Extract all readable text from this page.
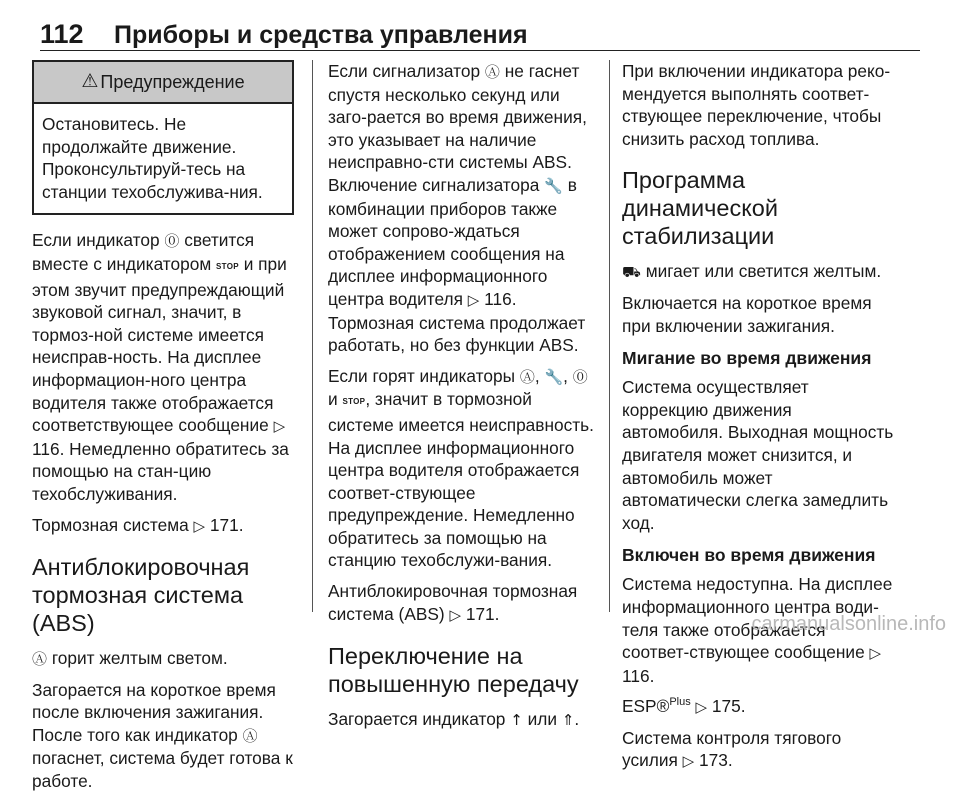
112	Приборы и средства управления
⚠ Предупреждение
Остановитесь. Не продолжайте движение. Проконсультируй-тесь на станции техобслужива-ния.

Если индикатор ⓪ светится вместе с индикатором STOP и при этом звучит предупреждающий звуковой сигнал, значит, в тормоз-ной системе имеется неисправ-ность. На дисплее информацион-ного центра водителя также отображается соответствующее сообщение ▷ 116. Немедленно обратитесь за помощью на стан-цию техобслуживания.

Тормозная система ▷ 171.

Антиблокировочная тормозная система (ABS)

Ⓐ горит желтым светом.

Загорается на короткое время после включения зажигания. После того как индикатор Ⓐ погаснет, система будет готова к работе.

Если сигнализатор Ⓐ не гаснет спустя несколько секунд или заго-рается во время движения, это указывает на наличие неисправно-сти системы ABS. Включение сигнализатора 🔧 в комбинации приборов также может сопрово-ждаться отображением сообщения на дисплее информационного центра водителя ▷ 116. Тормозная система продолжает работать, но без функции ABS.

Если горят индикаторы Ⓐ, 🔧, ⓪ и STOP, значит в тормозной системе имеется неисправность. На дисплее информационного центра водителя отображается соответ-ствующее предупреждение. Немедленно обратитесь за помощью на станцию техобслужи-вания.

Антиблокировочная тормозная система (ABS) ▷ 171.

Переключение на повышенную передачу

Загорается индикатор ↑ или ⇑.

При включении индикатора реко-мендуется выполнять соответ-ствующее переключение, чтобы снизить расход топлива.

Программа динамической стабилизации

⛟ мигает или светится желтым.

Включается на короткое время при включении зажигания.

Мигание во время движения

Система осуществляет коррекцию движения автомобиля. Выходная мощность двигателя может снизится, и автомобиль может автоматически слегка замедлить ход.

Включен во время движения

Система недоступна. На дисплее информационного центра води-теля также отображается соответ-ствующее сообщение ▷ 116.

ESP®$^{Plus}$ ▷ 175.

Система контроля тягового усилия ▷ 173.

carmanualsonline.info
